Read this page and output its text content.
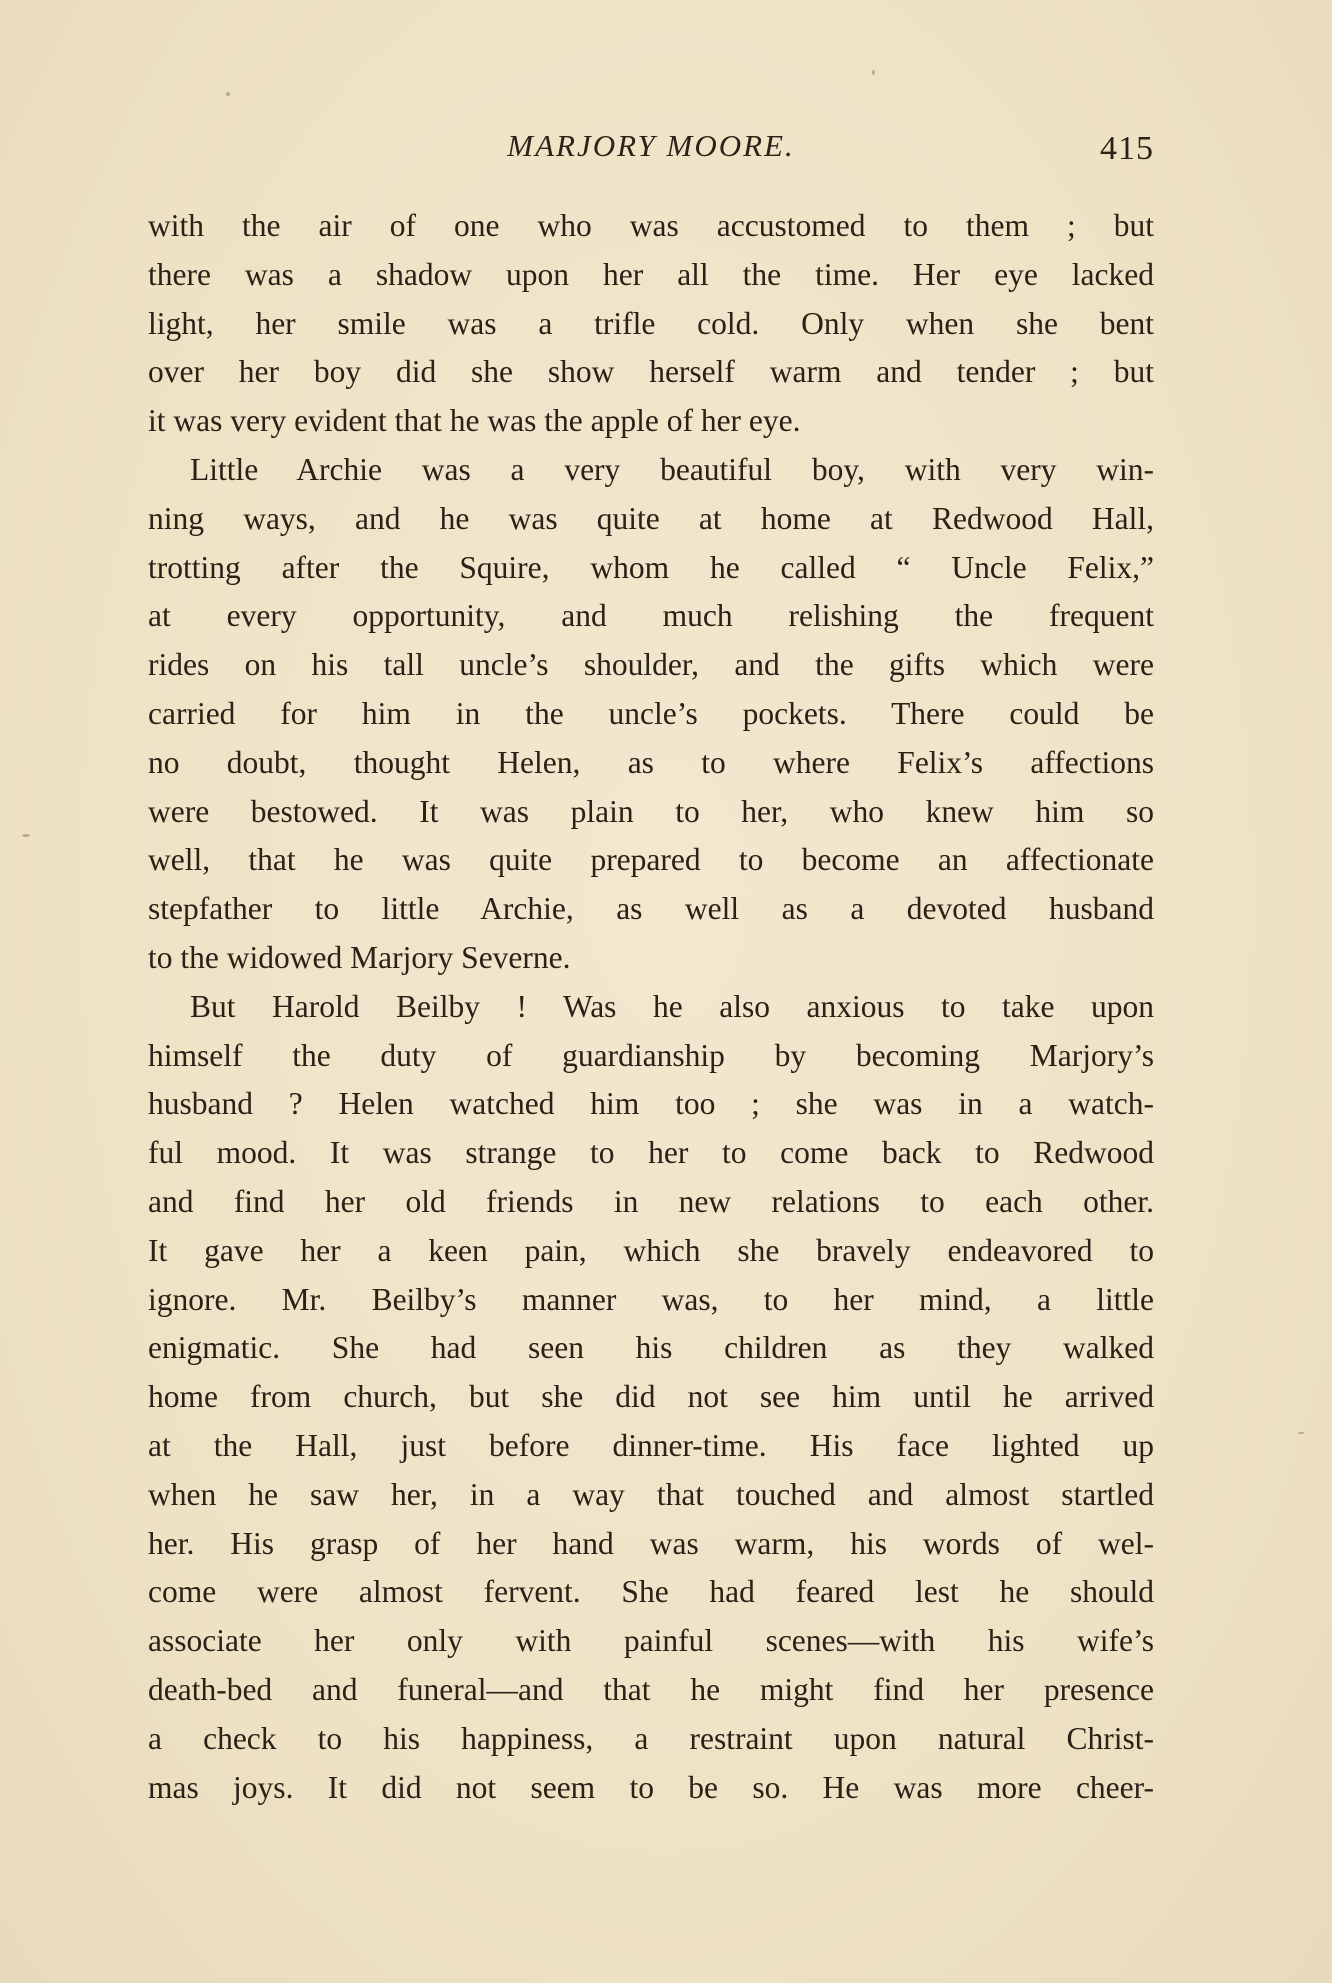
MARJORY MOORE.	415
with the air of one who was accustomed to them ; but
there was a shadow upon her all the time. Her eye lacked
light, her smile was a trifle cold. Only when she bent
over her boy did she show herself warm and tender ; but
it was very evident that he was the apple of her eye.
Little Archie was a very beautiful boy, with very win-
ning ways, and he was quite at home at Redwood Hall,
trotting after the Squire, whom he called “ Uncle Felix,”
at every opportunity, and much relishing the frequent
rides on his tall uncle’s shoulder, and the gifts which were
carried for him in the uncle’s pockets. There could be
no doubt, thought Helen, as to where Felix’s affections
were bestowed. It was plain to her, who knew him so
well, that he was quite prepared to become an affectionate
stepfather to little Archie, as well as a devoted husband
to the widowed Marjory Severne.
But Harold Beilby ! Was he also anxious to take upon
himself the duty of guardianship by becoming Marjory’s
husband ? Helen watched him too ; she was in a watch-
ful mood. It was strange to her to come back to Redwood
and find her old friends in new relations to each other.
It gave her a keen pain, which she bravely endeavored to
ignore. Mr. Beilby’s manner was, to her mind, a little
enigmatic. She had seen his children as they walked
home from church, but she did not see him until he arrived
at the Hall, just before dinner-time. His face lighted up
when he saw her, in a way that touched and almost startled
her. His grasp of her hand was warm, his words of wel-
come were almost fervent. She had feared lest he should
associate her only with painful scenes—with his wife’s
death-bed and funeral—and that he might find her presence
a check to his happiness, a restraint upon natural Christ-
mas joys. It did not seem to be so. He was more cheer-
